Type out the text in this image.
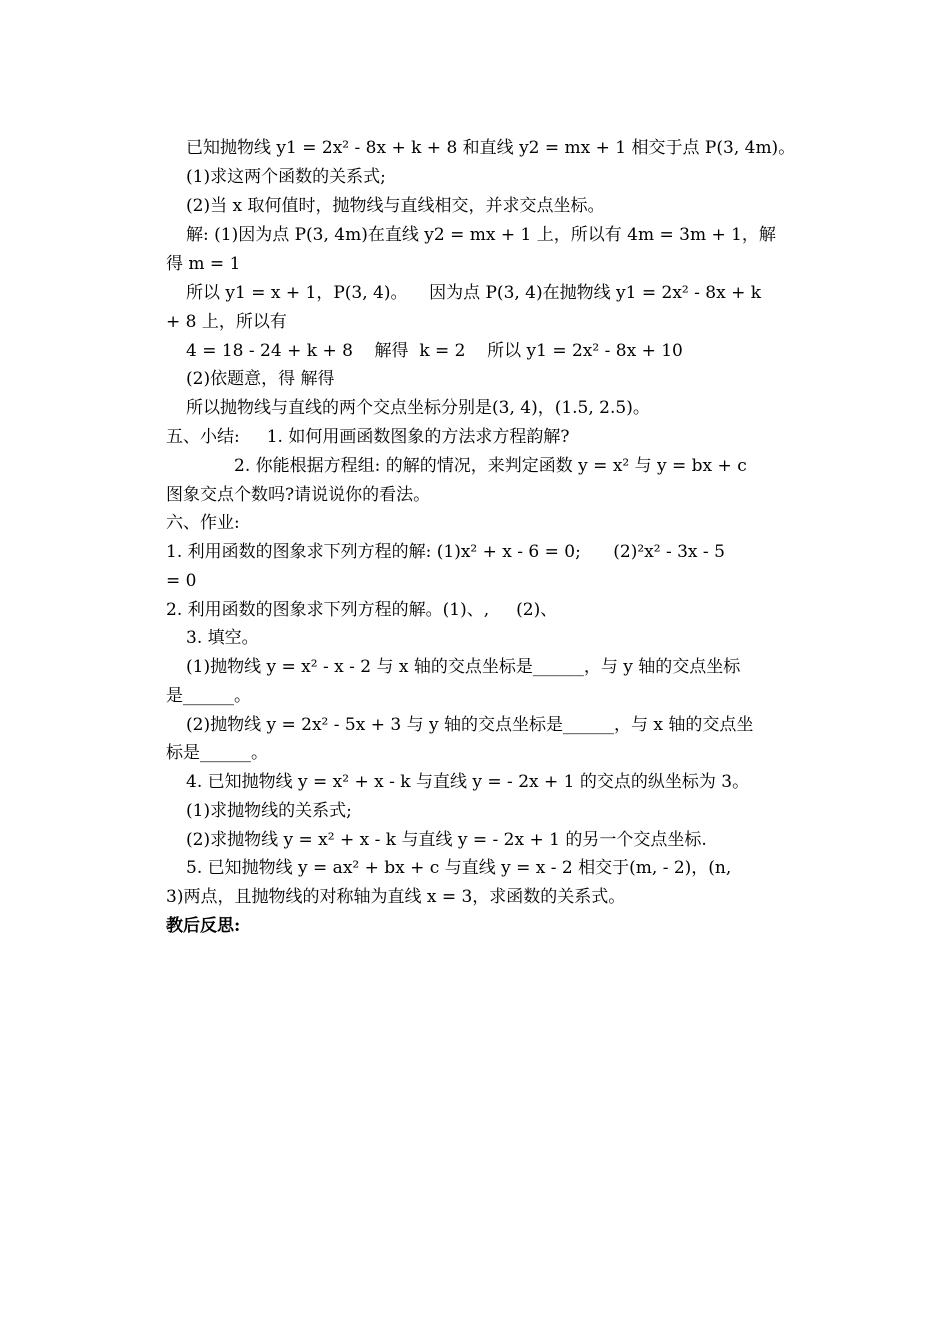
已知抛物线 y1 = 2x² - 8x + k + 8 和直线 y2 = mx + 1 相交于点 P(3, 4m)。
(1)求这两个函数的关系式;
(2)当 x 取何值时，抛物线与直线相交，并求交点坐标。
解: (1)因为点 P(3, 4m)在直线 y2 = mx + 1 上，所以有 4m = 3m + 1，解
得 m = 1
所以 y1 = x + 1，P(3, 4)。    因为点 P(3, 4)在抛物线 y1 = 2x² - 8x + k
+ 8 上，所以有
4 = 18 - 24 + k + 8    解得  k = 2    所以 y1 = 2x² - 8x + 10
(2)依题意，得 解得
所以抛物线与直线的两个交点坐标分别是(3, 4)，(1.5, 2.5)。
五、小结:     1. 如何用画函数图象的方法求方程韵解?
2. 你能根据方程组: 的解的情况，来判定函数 y = x² 与 y = bx + c
图象交点个数吗?请说说你的看法。
六、作业:
1. 利用函数的图象求下列方程的解: (1)x² + x - 6 = 0;      (2)²x² - 3x - 5
= 0
2. 利用函数的图象求下列方程的解。(1)、,     (2)、
3. 填空。
(1)抛物线 y = x² - x - 2 与 x 轴的交点坐标是______，与 y 轴的交点坐标
是______。
(2)抛物线 y = 2x² - 5x + 3 与 y 轴的交点坐标是______，与 x 轴的交点坐
标是______。
4. 已知抛物线 y = x² + x - k 与直线 y = - 2x + 1 的交点的纵坐标为 3。
(1)求抛物线的关系式;
(2)求抛物线 y = x² + x - k 与直线 y = - 2x + 1 的另一个交点坐标.
5. 已知抛物线 y = ax² + bx + c 与直线 y = x - 2 相交于(m, - 2)，(n,
3)两点，且抛物线的对称轴为直线 x = 3，求函数的关系式。
教后反思:
